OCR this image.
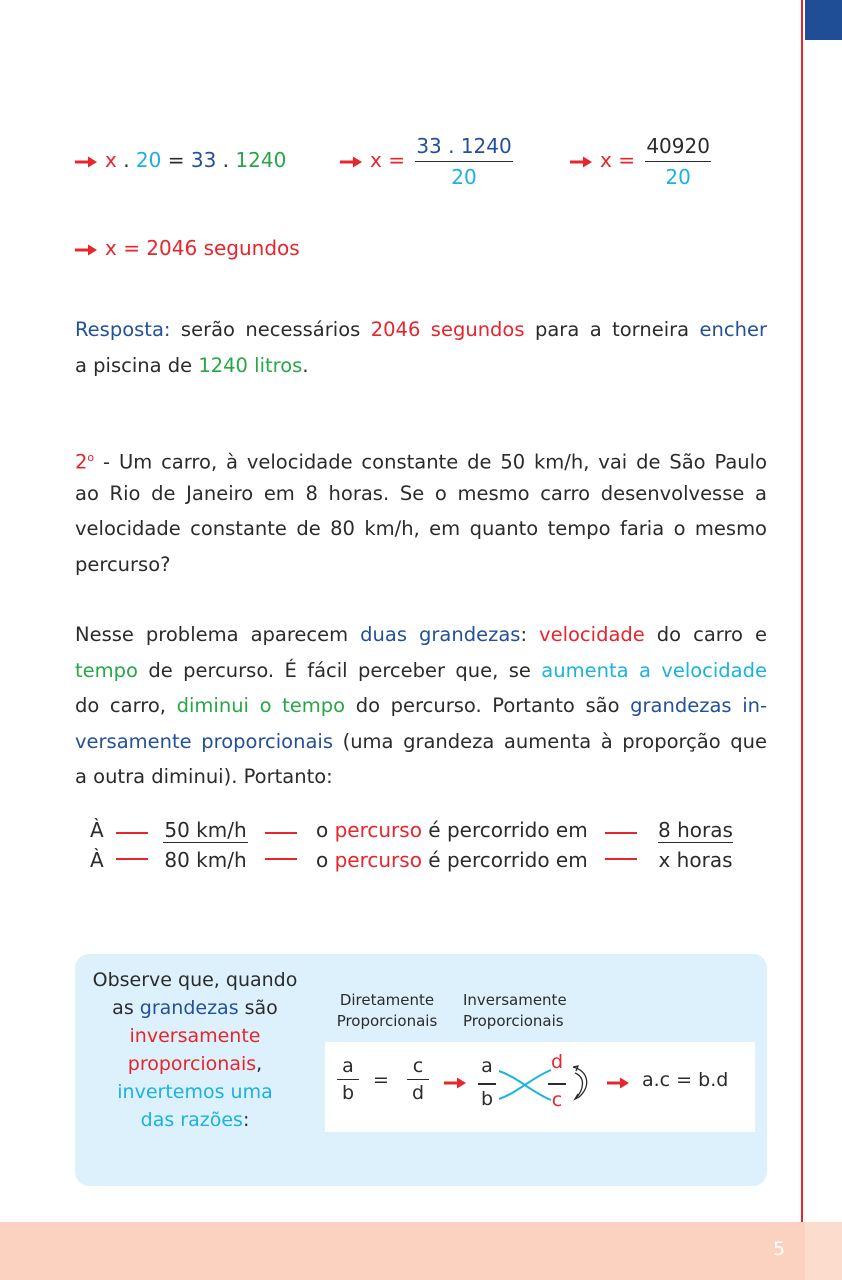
x . 20 = 33 . 1240	$x = \frac{33 . 1240}{20}$	$x = \frac{40920}{20}$
x = 2046 segundos
Resposta: serão necessários 2046 segundos para a torneira encher
a piscina de 1240 litros.
2$^o$ - Um carro, à velocidade constante de 50 km/h, vai de São Paulo
ao Rio de Janeiro em 8 horas. Se o mesmo carro desenvolvesse a
velocidade constante de 80 km/h, em quanto tempo faria o mesmo
percurso?
Nesse problema aparecem duas grandezas: velocidade do carro e
tempo de percurso. É fácil perceber que, se aumenta a velocidade
do carro, diminui o tempo do percurso. Portanto são grandezas in-
versamente proporcionais (uma grandeza aumenta à proporção que
a outra diminui). Portanto:
À	50 km/h	o percurso é percorrido em	8 horas
À	80 km/h	o percurso é percorrido em	x horas
Observe que, quando
as grandezas são
inversamente
proporcionais,
invertemos uma
das razões:
Diretamente
Proporcionais
Inversamente
Proporcionais
$\frac{a}{b} = \frac{c}{d}$	a
b
d
c
a.c = b.d
5
